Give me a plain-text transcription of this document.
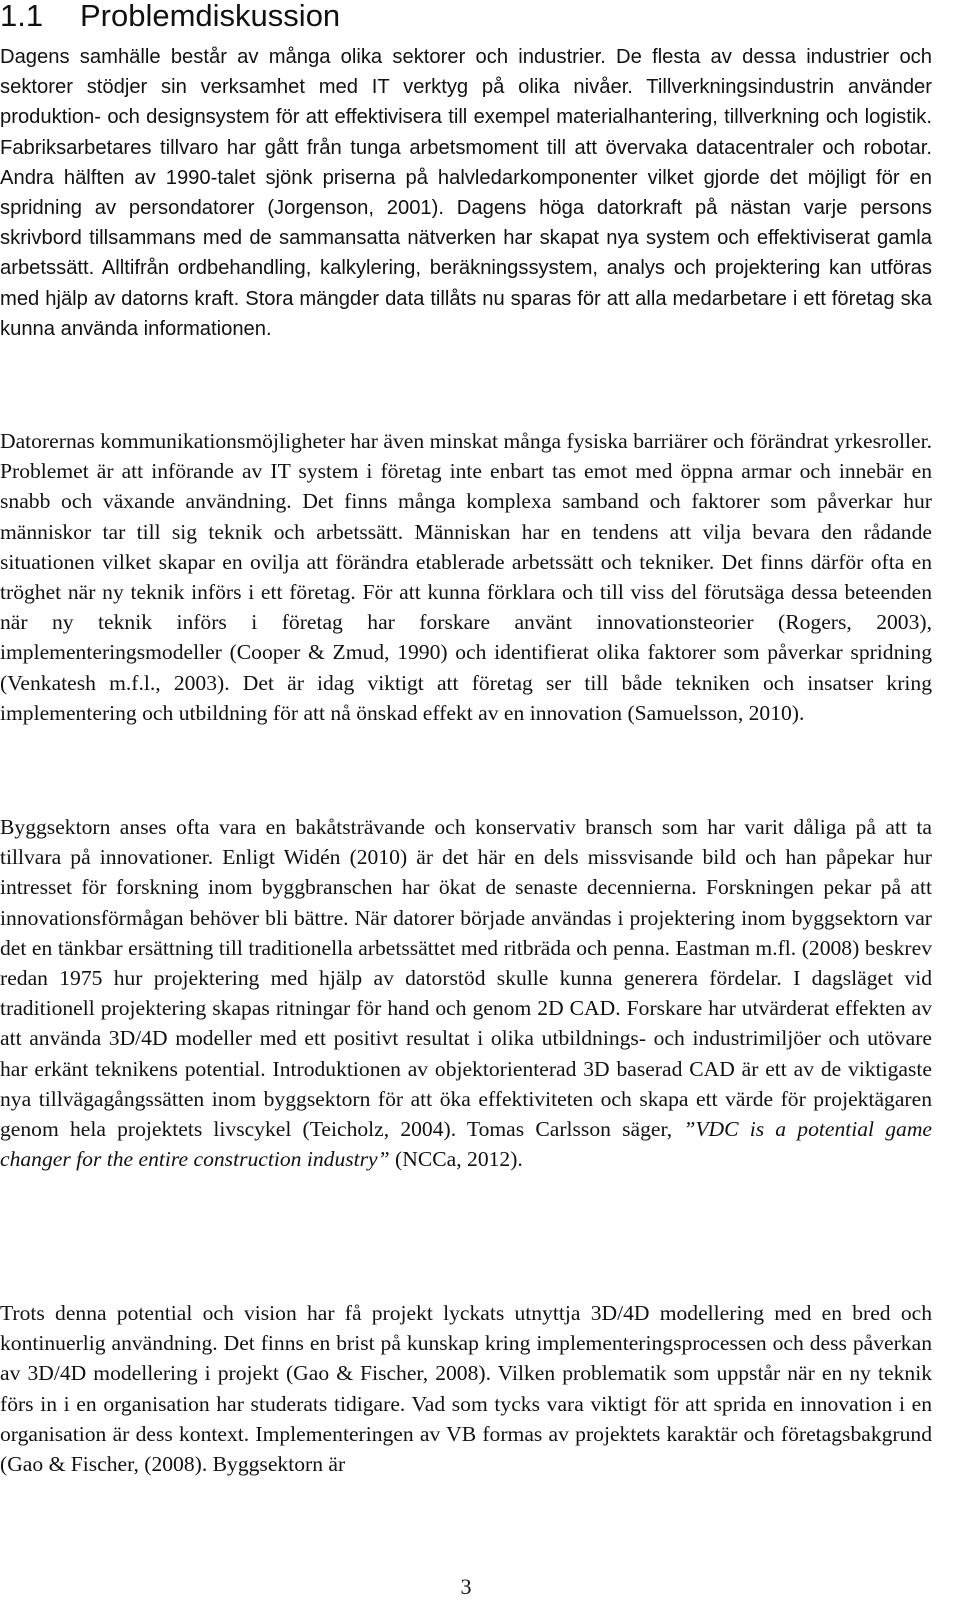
1.1 Problemdiskussion

Dagens samhälle består av många olika sektorer och industrier. De flesta av dessa industrier och sektorer stödjer sin verksamhet med IT verktyg på olika nivåer. Tillverkningsindustrin använder produktion- och designsystem för att effektivisera till exempel materialhantering, tillverkning och logistik. Fabriksarbetares tillvaro har gått från tunga arbetsmoment till att övervaka datacentraler och robotar. Andra hälften av 1990-talet sjönk priserna på halvledarkomponenter vilket gjorde det möjligt för en spridning av persondatorer (Jorgenson, 2001). Dagens höga datorkraft på nästan varje persons skrivbord tillsammans med de sammansatta nätverken har skapat nya system och effektiviserat gamla arbetssätt. Alltifrån ordbehandling, kalkylering, beräkningssystem, analys och projektering kan utföras med hjälp av datorns kraft. Stora mängder data tillåts nu sparas för att alla medarbetare i ett företag ska kunna använda informationen.

Datorernas kommunikationsmöjligheter har även minskat många fysiska barriärer och förändrat yrkesroller. Problemet är att införande av IT system i företag inte enbart tas emot med öppna armar och innebär en snabb och växande användning. Det finns många komplexa samband och faktorer som påverkar hur människor tar till sig teknik och arbetssätt. Människan har en tendens att vilja bevara den rådande situationen vilket skapar en ovilja att förändra etablerade arbetssätt och tekniker. Det finns därför ofta en tröghet när ny teknik införs i ett företag. För att kunna förklara och till viss del förutsäga dessa beteenden när ny teknik införs i företag har forskare använt innovationsteorier (Rogers, 2003), implementeringsmodeller (Cooper & Zmud, 1990) och identifierat olika faktorer som påverkar spridning (Venkatesh m.f.l., 2003). Det är idag viktigt att företag ser till både tekniken och insatser kring implementering och utbildning för att nå önskad effekt av en innovation (Samuelsson, 2010).

Byggsektorn anses ofta vara en bakåtsträvande och konservativ bransch som har varit dåliga på att ta tillvara på innovationer. Enligt Widén (2010) är det här en dels missvisande bild och han påpekar hur intresset för forskning inom byggbranschen har ökat de senaste decennierna. Forskningen pekar på att innovationsförmågan behöver bli bättre. När datorer började användas i projektering inom byggsektorn var det en tänkbar ersättning till traditionella arbetssättet med ritbräda och penna. Eastman m.fl. (2008) beskrev redan 1975 hur projektering med hjälp av datorstöd skulle kunna generera fördelar. I dagsläget vid traditionell projektering skapas ritningar för hand och genom 2D CAD. Forskare har utvärderat effekten av att använda 3D/4D modeller med ett positivt resultat i olika utbildnings- och industrimiljöer och utövare har erkänt teknikens potential. Introduktionen av objektorienterad 3D baserad CAD är ett av de viktigaste nya tillvägagångssätten inom byggsektorn för att öka effektiviteten och skapa ett värde för projektägaren genom hela projektets livscykel (Teicholz, 2004). Tomas Carlsson säger, ”VDC is a potential game changer for the entire construction industry” (NCCa, 2012).

Trots denna potential och vision har få projekt lyckats utnyttja 3D/4D modellering med en bred och kontinuerlig användning. Det finns en brist på kunskap kring implementeringsprocessen och dess påverkan av 3D/4D modellering i projekt (Gao & Fischer, 2008). Vilken problematik som uppstår när en ny teknik förs in i en organisation har studerats tidigare. Vad som tycks vara viktigt för att sprida en innovation i en organisation är dess kontext. Implementeringen av VB formas av projektets karaktär och företagsbakgrund (Gao & Fischer, (2008). Byggsektorn är

3
